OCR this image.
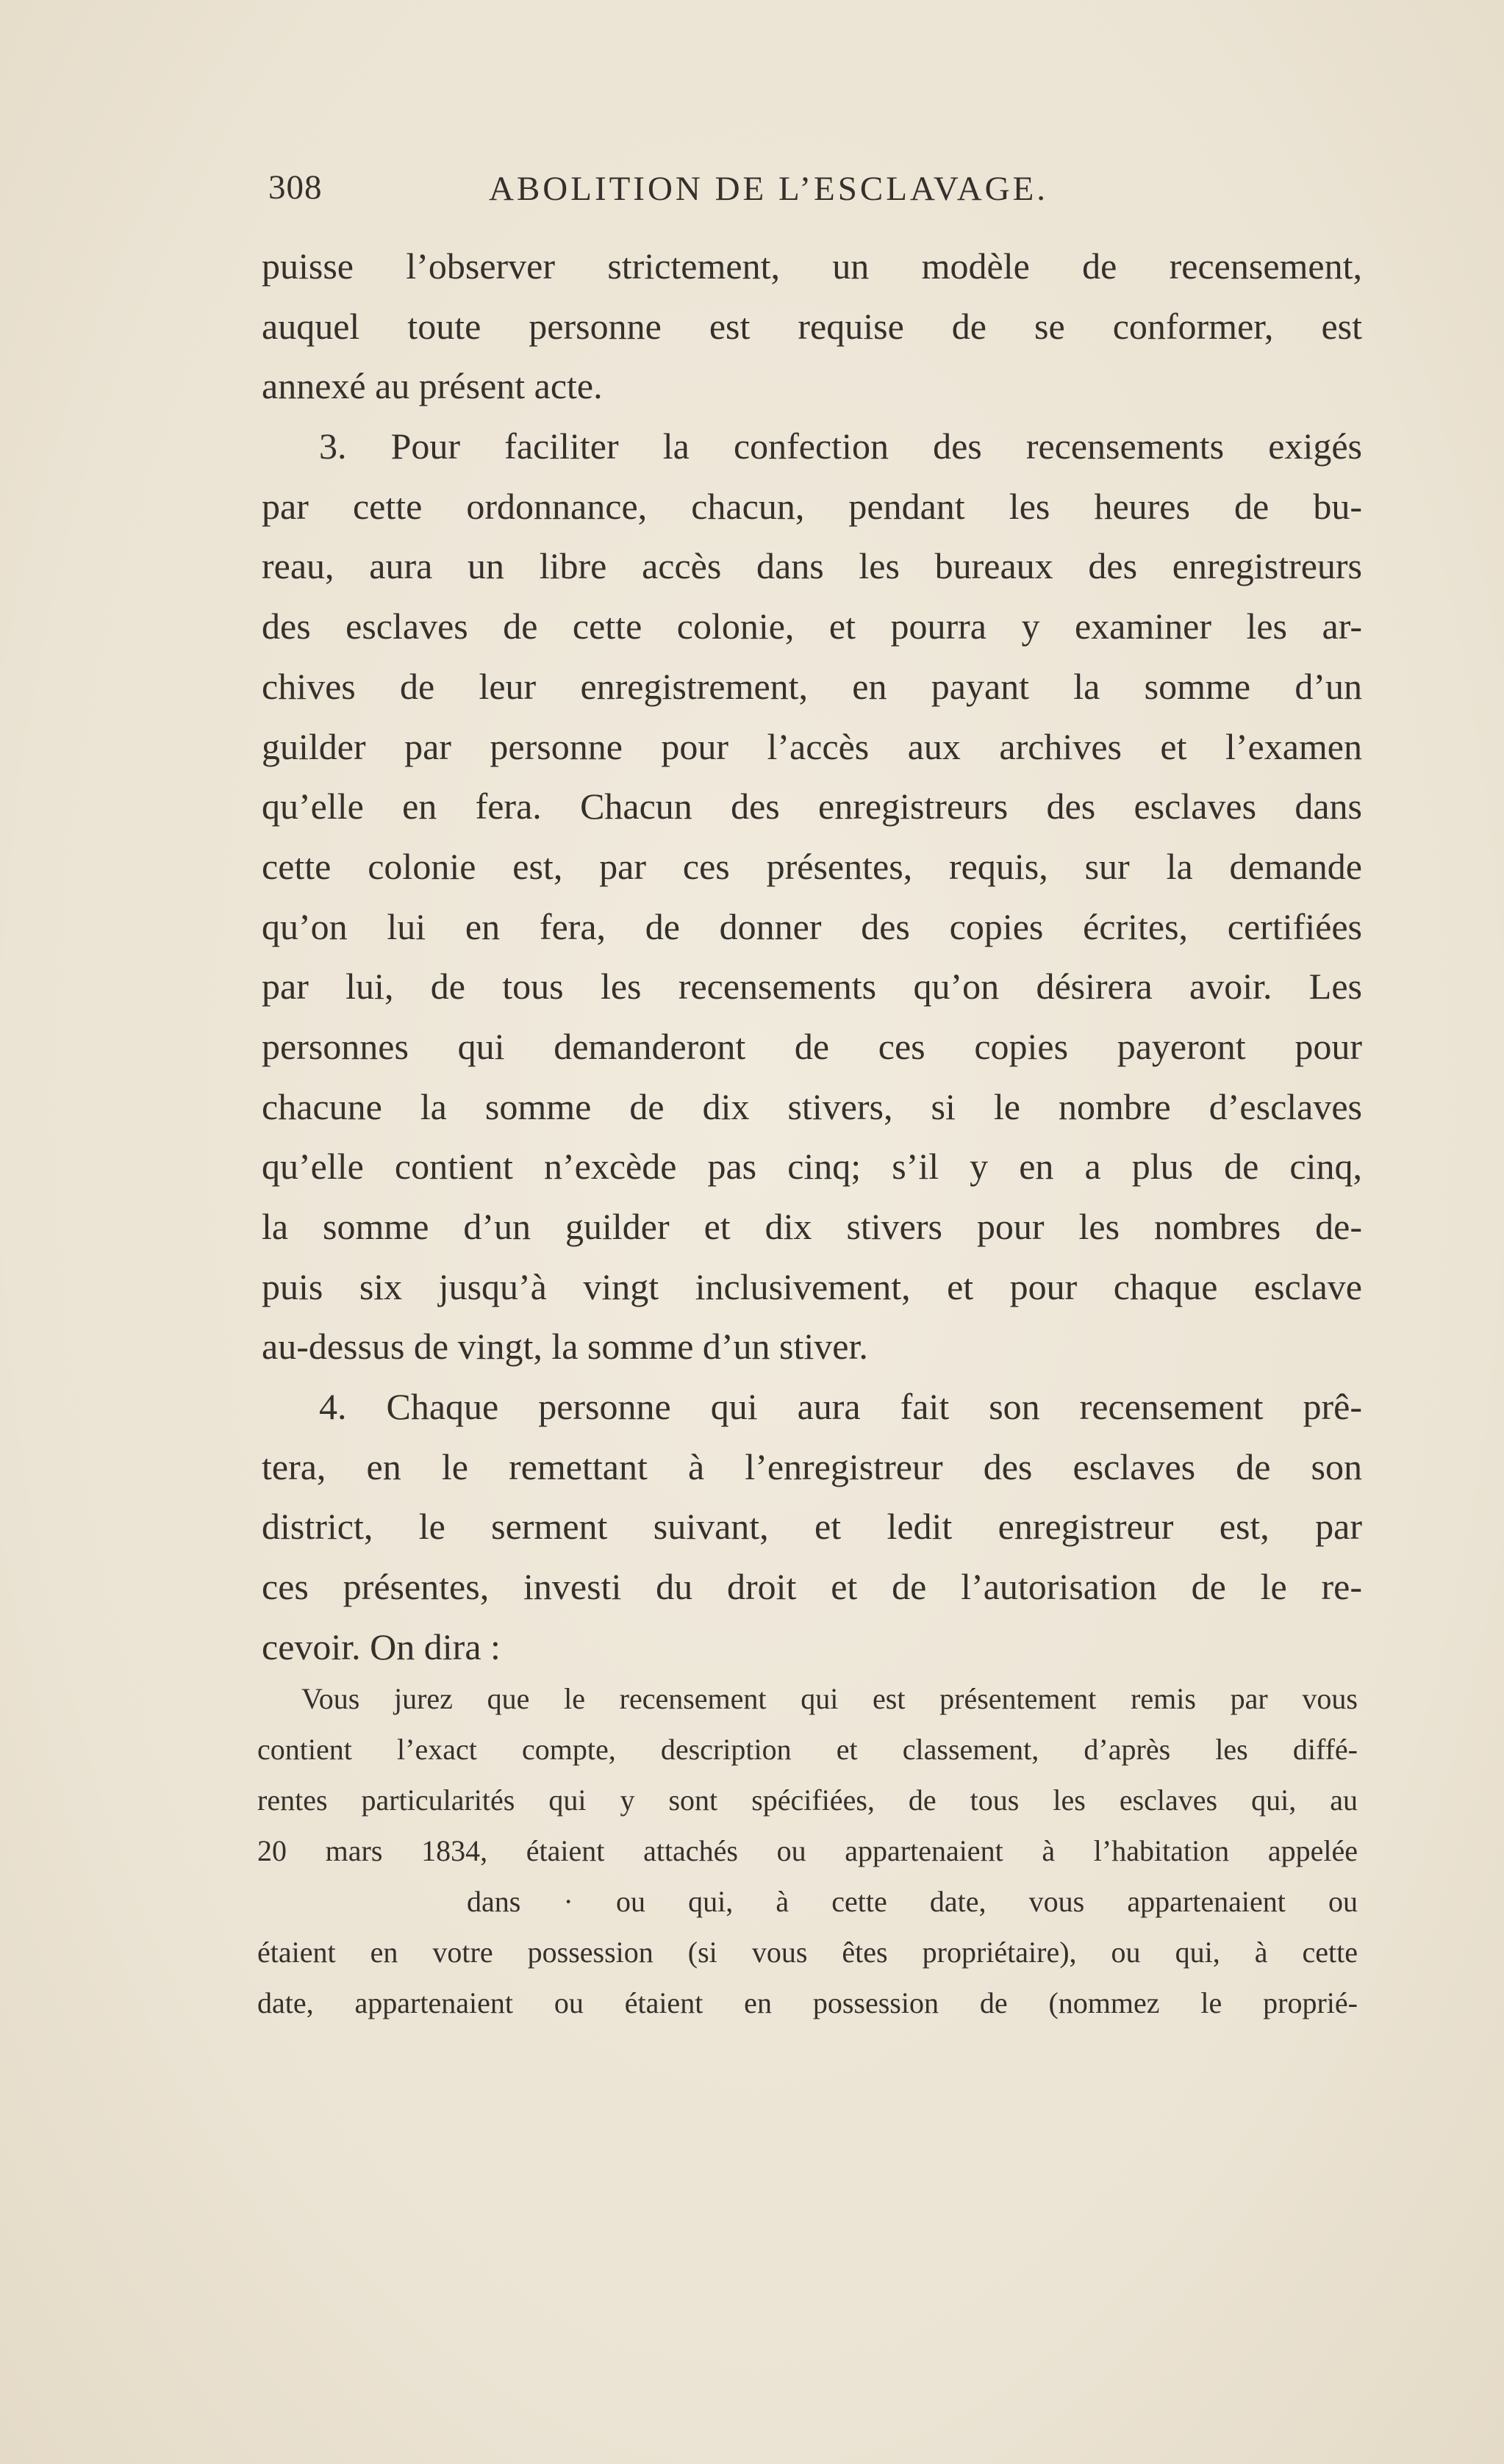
308	ABOLITION DE L’ESCLAVAGE.
puisse l’observer strictement, un modèle de recensement,
auquel toute personne est requise de se conformer, est
annexé au présent acte.
3. Pour faciliter la confection des recensements exigés
par cette ordonnance, chacun, pendant les heures de bu-
reau, aura un libre accès dans les bureaux des enregistreurs
des esclaves de cette colonie, et pourra y examiner les ar-
chives de leur enregistrement, en payant la somme d’un
guilder par personne pour l’accès aux archives et l’examen
qu’elle en fera. Chacun des enregistreurs des esclaves dans
cette colonie est, par ces présentes, requis, sur la demande
qu’on lui en fera, de donner des copies écrites, certifiées
par lui, de tous les recensements qu’on désirera avoir. Les
personnes qui demanderont de ces copies payeront pour
chacune la somme de dix stivers, si le nombre d’esclaves
qu’elle contient n’excède pas cinq; s’il y en a plus de cinq,
la somme d’un guilder et dix stivers pour les nombres de-
puis six jusqu’à vingt inclusivement, et pour chaque esclave
au-dessus de vingt, la somme d’un stiver.
4. Chaque personne qui aura fait son recensement prê-
tera, en le remettant à l’enregistreur des esclaves de son
district, le serment suivant, et ledit enregistreur est, par
ces présentes, investi du droit et de l’autorisation de le re-
cevoir. On dira :
Vous jurez que le recensement qui est présentement remis par vous
contient l’exact compte, description et classement, d’après les diffé-
rentes particularités qui y sont spécifiées, de tous les esclaves qui, au
20 mars 1834, étaient attachés ou appartenaient à l’habitation appelée
dans · ou qui, à cette date, vous appartenaient ou
étaient en votre possession (si vous êtes propriétaire), ou qui, à cette
date, appartenaient ou étaient en possession de (nommez le proprié-
